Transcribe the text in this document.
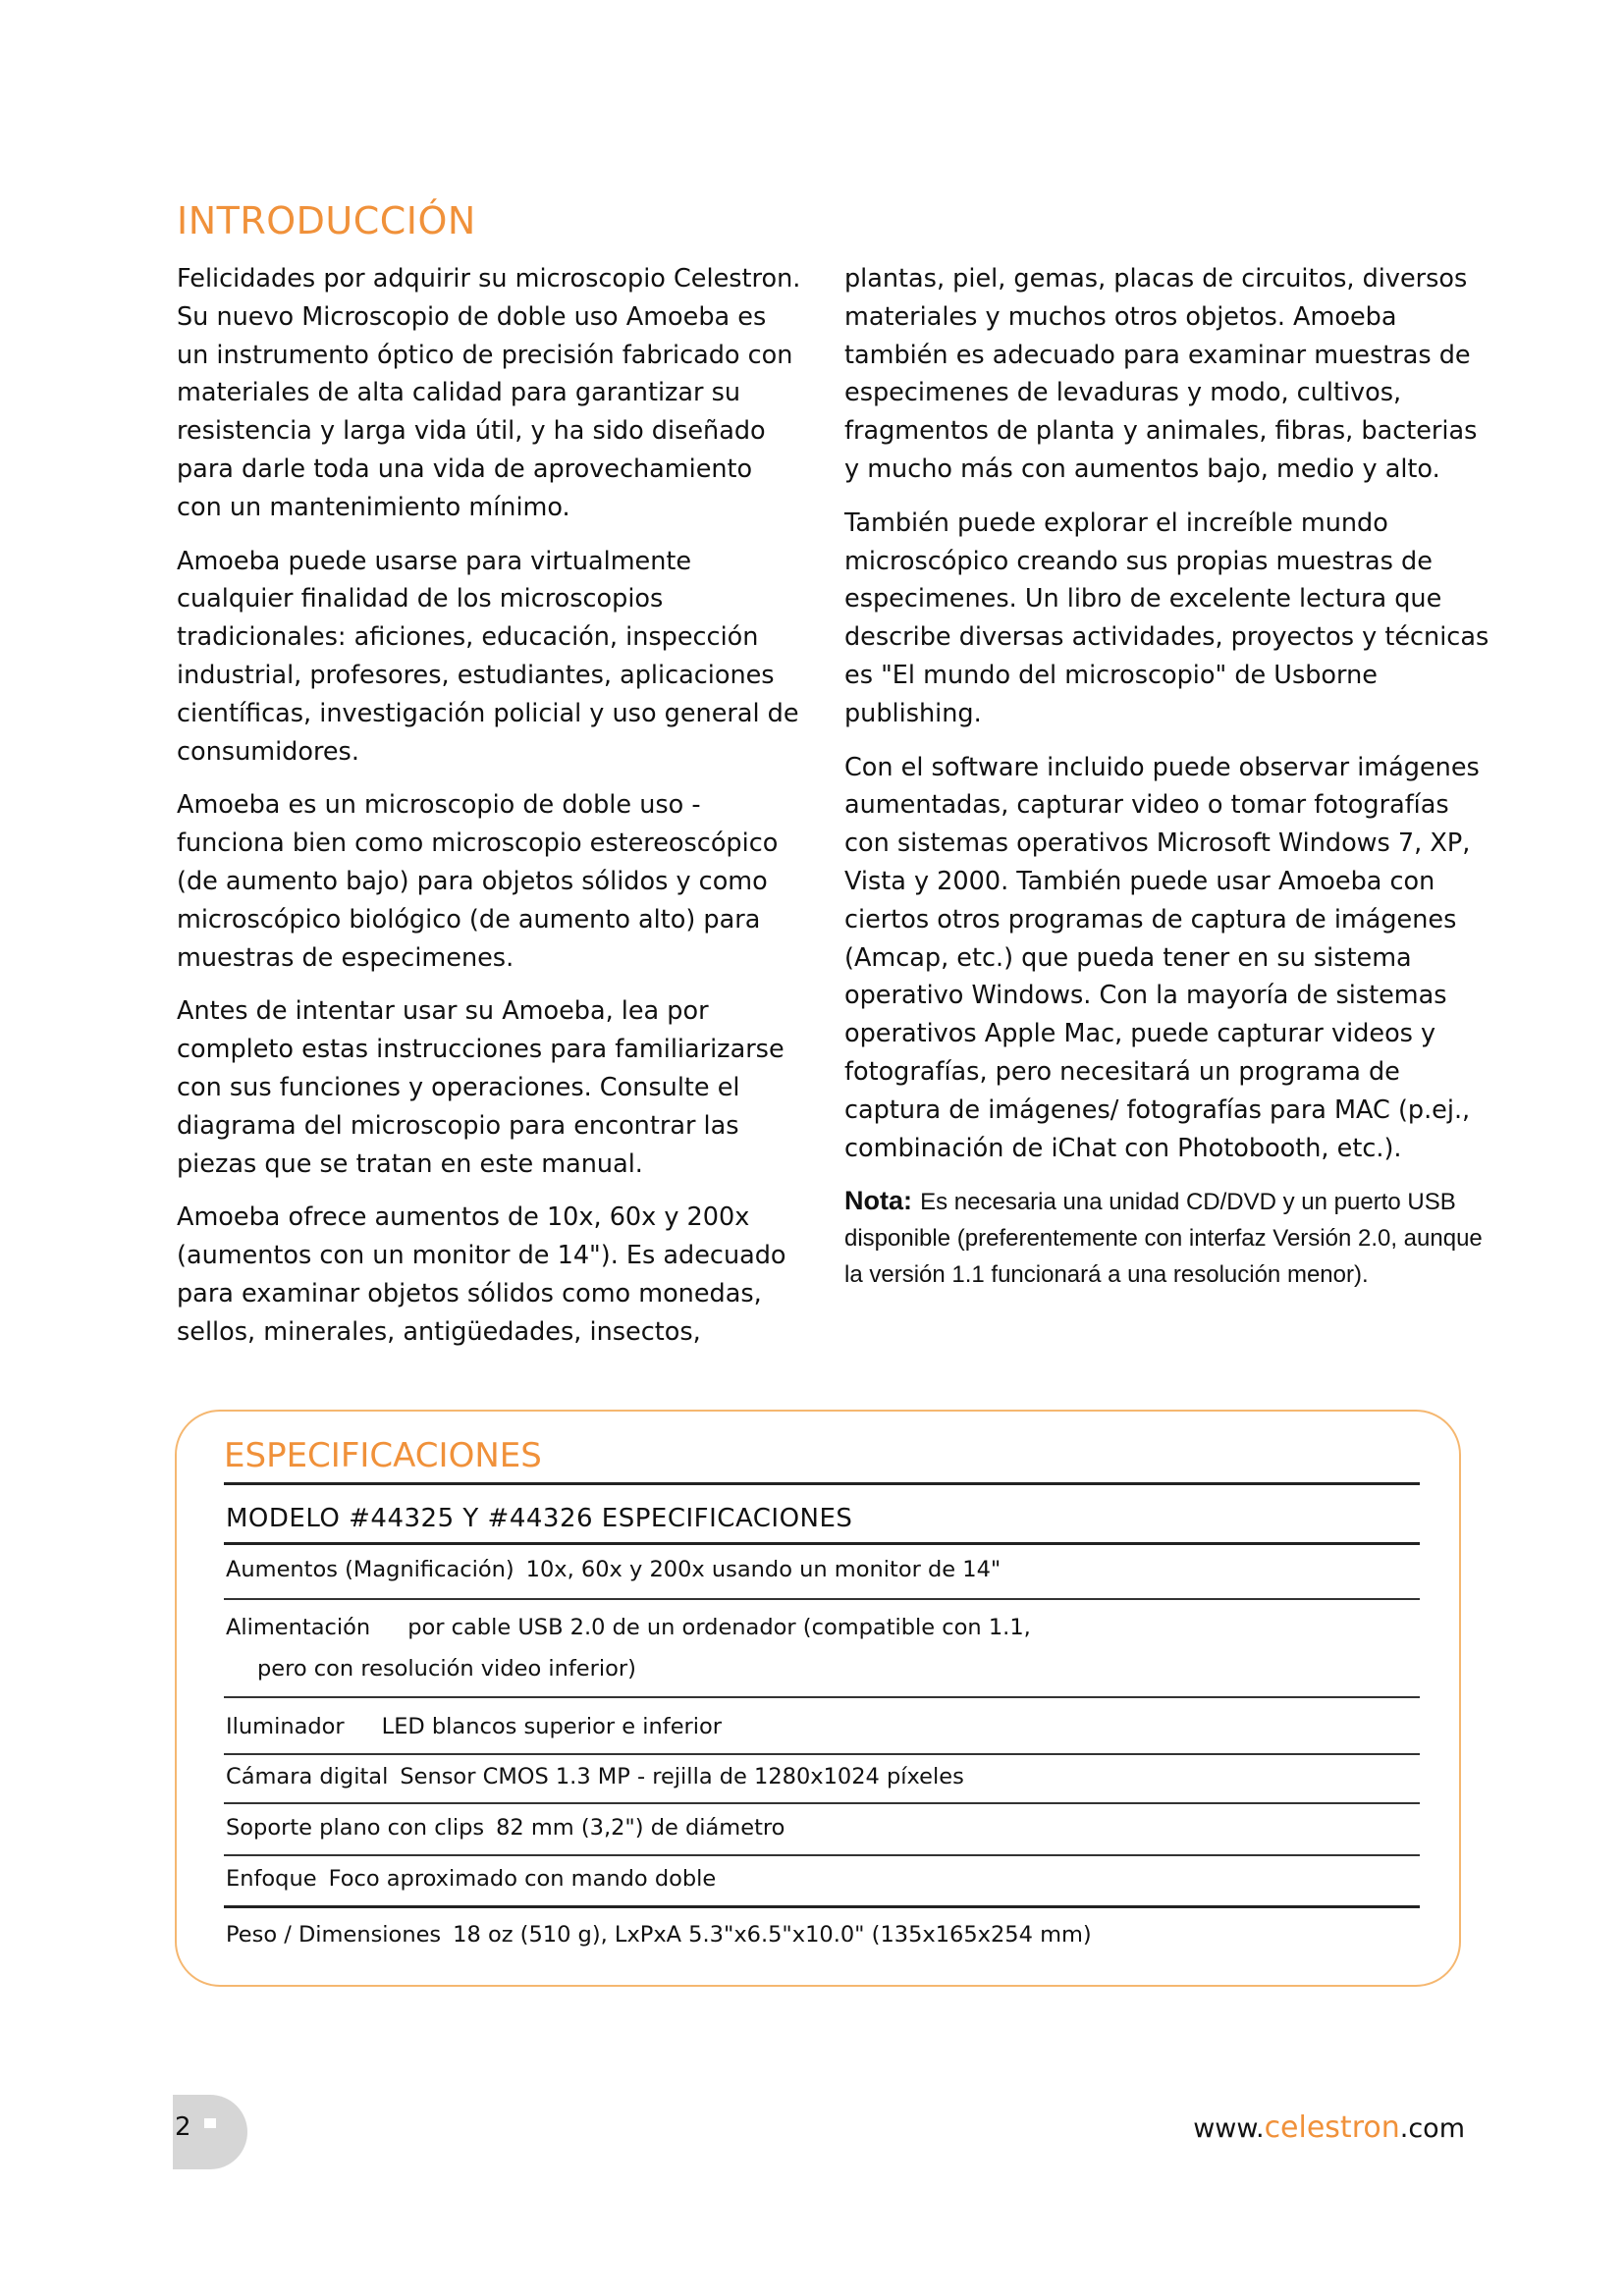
INTRODUCCIÓN

Felicidades por adquirir su microscopio Celestron. Su nuevo Microscopio de doble uso Amoeba es un instrumento óptico de precisión fabricado con materiales de alta calidad para garantizar su resistencia y larga vida útil, y ha sido diseñado para darle toda una vida de aprovechamiento con un mantenimiento mínimo.

Amoeba puede usarse para virtualmente cualquier finalidad de los microscopios tradicionales: aficiones, educación, inspección industrial, profesores, estudiantes, aplicaciones científicas, investigación policial y uso general de consumidores.

Amoeba es un microscopio de doble uso - funciona bien como microscopio estereoscópico (de aumento bajo) para objetos sólidos y como microscópico biológico (de aumento alto) para muestras de especimenes.

Antes de intentar usar su Amoeba, lea por completo estas instrucciones para familiarizarse con sus funciones y operaciones. Consulte el diagrama del microscopio para encontrar las piezas que se tratan en este manual.

Amoeba ofrece aumentos de 10x, 60x y 200x (aumentos con un monitor de 14"). Es adecuado para examinar objetos sólidos como monedas, sellos, minerales, antigüedades, insectos,

plantas, piel, gemas, placas de circuitos, diversos materiales y muchos otros objetos. Amoeba también es adecuado para examinar muestras de especimenes de levaduras y modo, cultivos, fragmentos de planta y animales, fibras, bacterias y mucho más con aumentos bajo, medio y alto.

También puede explorar el increíble mundo microscópico creando sus propias muestras de especimenes. Un libro de excelente lectura que describe diversas actividades, proyectos y técnicas es "El mundo del microscopio" de Usborne publishing.

Con el software incluido puede observar imágenes aumentadas, capturar video o tomar fotografías con sistemas operativos Microsoft Windows 7, XP, Vista y 2000. También puede usar Amoeba con ciertos otros programas de captura de imágenes (Amcap, etc.) que pueda tener en su sistema operativo Windows. Con la mayoría de sistemas operativos Apple Mac, puede capturar videos y fotografías, pero necesitará un programa de captura de imágenes/ fotografías para MAC (p.ej., combinación de iChat con Photobooth, etc.).

Nota: Es necesaria una unidad CD/DVD y un puerto USB disponible (preferentemente con interfaz Versión 2.0, aunque la versión 1.1 funcionará a una resolución menor).

ESPECIFICACIONES
MODELO #44325 Y #44326 ESPECIFICACIONES
Aumentos (Magnificación) 10x, 60x y 200x usando un monitor de 14"
Alimentación por cable USB 2.0 de un ordenador (compatible con 1.1,
pero con resolución video inferior)
Iluminador LED blancos superior e inferior
Cámara digital Sensor CMOS 1.3 MP - rejilla de 1280x1024 píxeles
Soporte plano con clips 82 mm (3,2") de diámetro
Enfoque Foco aproximado con mando doble
Peso / Dimensiones 18 oz (510 g), LxPxA 5.3"x6.5"x10.0" (135x165x254 mm)
2	www.celestron.com
